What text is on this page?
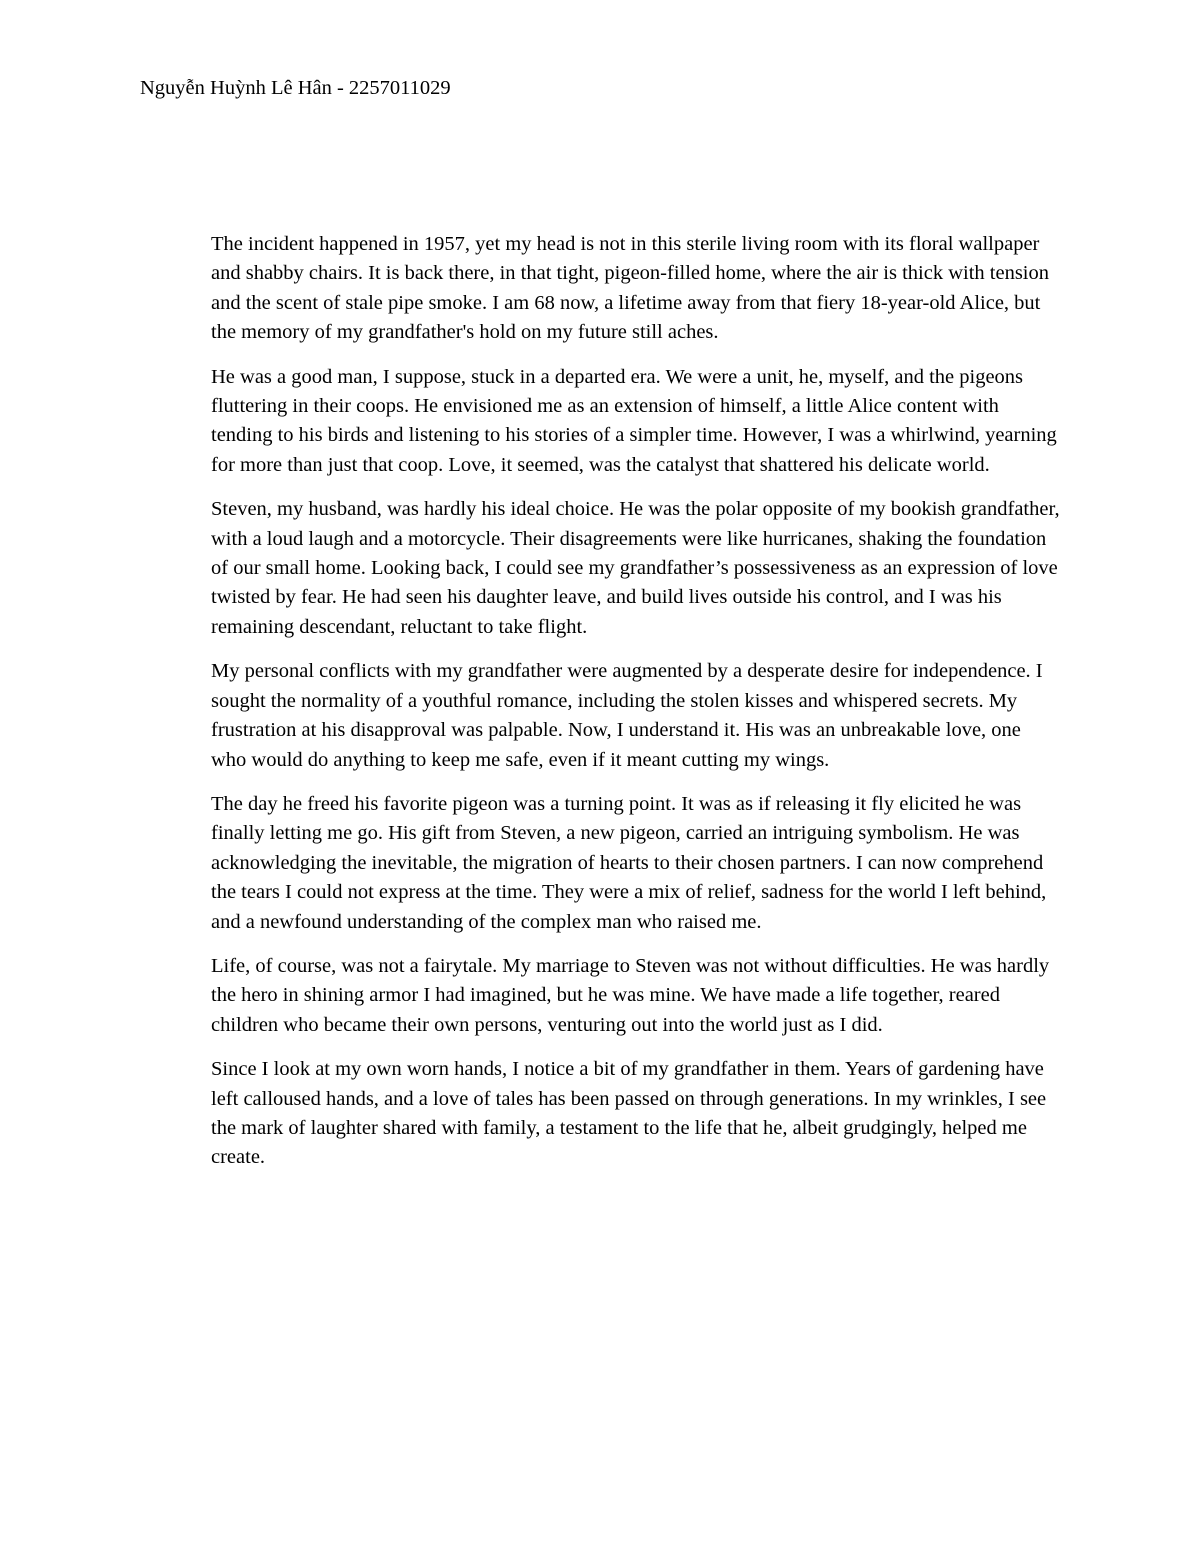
Nguyễn Huỳnh Lê Hân - 2257011029

The incident happened in 1957, yet my head is not in this sterile living room with its floral wallpaper and shabby chairs. It is back there, in that tight, pigeon-filled home, where the air is thick with tension and the scent of stale pipe smoke. I am 68 now, a lifetime away from that fiery 18-year-old Alice, but the memory of my grandfather's hold on my future still aches.

He was a good man, I suppose, stuck in a departed era. We were a unit, he, myself, and the pigeons fluttering in their coops. He envisioned me as an extension of himself, a little Alice content with tending to his birds and listening to his stories of a simpler time. However, I was a whirlwind, yearning for more than just that coop. Love, it seemed, was the catalyst that shattered his delicate world.

Steven, my husband, was hardly his ideal choice. He was the polar opposite of my bookish grandfather, with a loud laugh and a motorcycle. Their disagreements were like hurricanes, shaking the foundation of our small home. Looking back, I could see my grandfather’s possessiveness as an expression of love twisted by fear. He had seen his daughter leave, and build lives outside his control, and I was his remaining descendant, reluctant to take flight.

My personal conflicts with my grandfather were augmented by a desperate desire for independence. I sought the normality of a youthful romance, including the stolen kisses and whispered secrets. My frustration at his disapproval was palpable. Now, I understand it. His was an unbreakable love, one who would do anything to keep me safe, even if it meant cutting my wings.

The day he freed his favorite pigeon was a turning point. It was as if releasing it fly elicited he was finally letting me go. His gift from Steven, a new pigeon, carried an intriguing symbolism. He was acknowledging the inevitable, the migration of hearts to their chosen partners. I can now comprehend the tears I could not express at the time. They were a mix of relief, sadness for the world I left behind, and a newfound understanding of the complex man who raised me.

Life, of course, was not a fairytale. My marriage to Steven was not without difficulties. He was hardly the hero in shining armor I had imagined, but he was mine. We have made a life together, reared children who became their own persons, venturing out into the world just as I did.

Since I look at my own worn hands, I notice a bit of my grandfather in them. Years of gardening have left calloused hands, and a love of tales has been passed on through generations. In my wrinkles, I see the mark of laughter shared with family, a testament to the life that he, albeit grudgingly, helped me create.
